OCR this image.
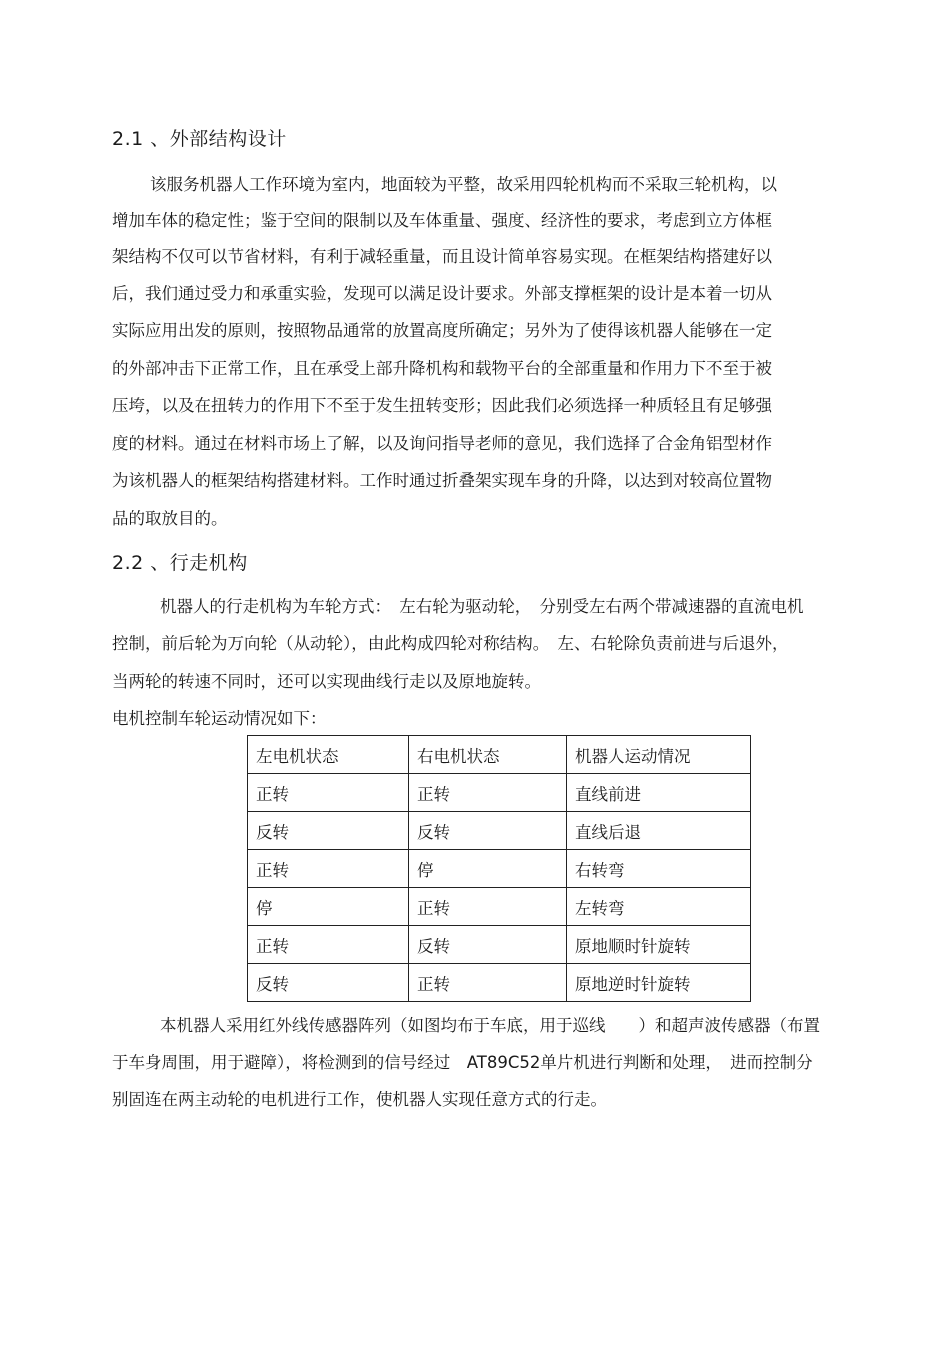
2.1 、外部结构设计
该服务机器人工作环境为室内，地面较为平整，故采用四轮机构而不采取三轮机构，以
增加车体的稳定性；鉴于空间的限制以及车体重量、强度、经济性的要求，考虑到立方体框
架结构不仅可以节省材料，有利于减轻重量，而且设计简单容易实现。在框架结构搭建好以
后，我们通过受力和承重实验，发现可以满足设计要求。外部支撑框架的设计是本着一切从
实际应用出发的原则，按照物品通常的放置高度所确定；另外为了使得该机器人能够在一定
的外部冲击下正常工作，且在承受上部升降机构和载物平台的全部重量和作用力下不至于被
压垮，以及在扭转力的作用下不至于发生扭转变形；因此我们必须选择一种质轻且有足够强
度的材料。通过在材料市场上了解，以及询问指导老师的意见，我们选择了合金角铝型材作
为该机器人的框架结构搭建材料。工作时通过折叠架实现车身的升降，以达到对较高位置物
品的取放目的。
2.2 、行走机构
机器人的行走机构为车轮方式：　左右轮为驱动轮，　分别受左右两个带减速器的直流电机
控制，前后轮为万向轮（从动轮），由此构成四轮对称结构。　左、右轮除负责前进与后退外，
当两轮的转速不同时，还可以实现曲线行走以及原地旋转。
电机控制车轮运动情况如下：
左电机状态	右电机状态	机器人运动情况
正转	正转	直线前进
反转	反转	直线后退
正转	停	右转弯
停	正转	左转弯
正转	反转	原地顺时针旋转
反转	正转	原地逆时针旋转
本机器人采用红外线传感器阵列（如图均布于车底，用于巡线　　）和超声波传感器（布置
于车身周围，用于避障），将检测到的信号经过　AT89C52单片机进行判断和处理，　进而控制分
别固连在两主动轮的电机进行工作，使机器人实现任意方式的行走。
